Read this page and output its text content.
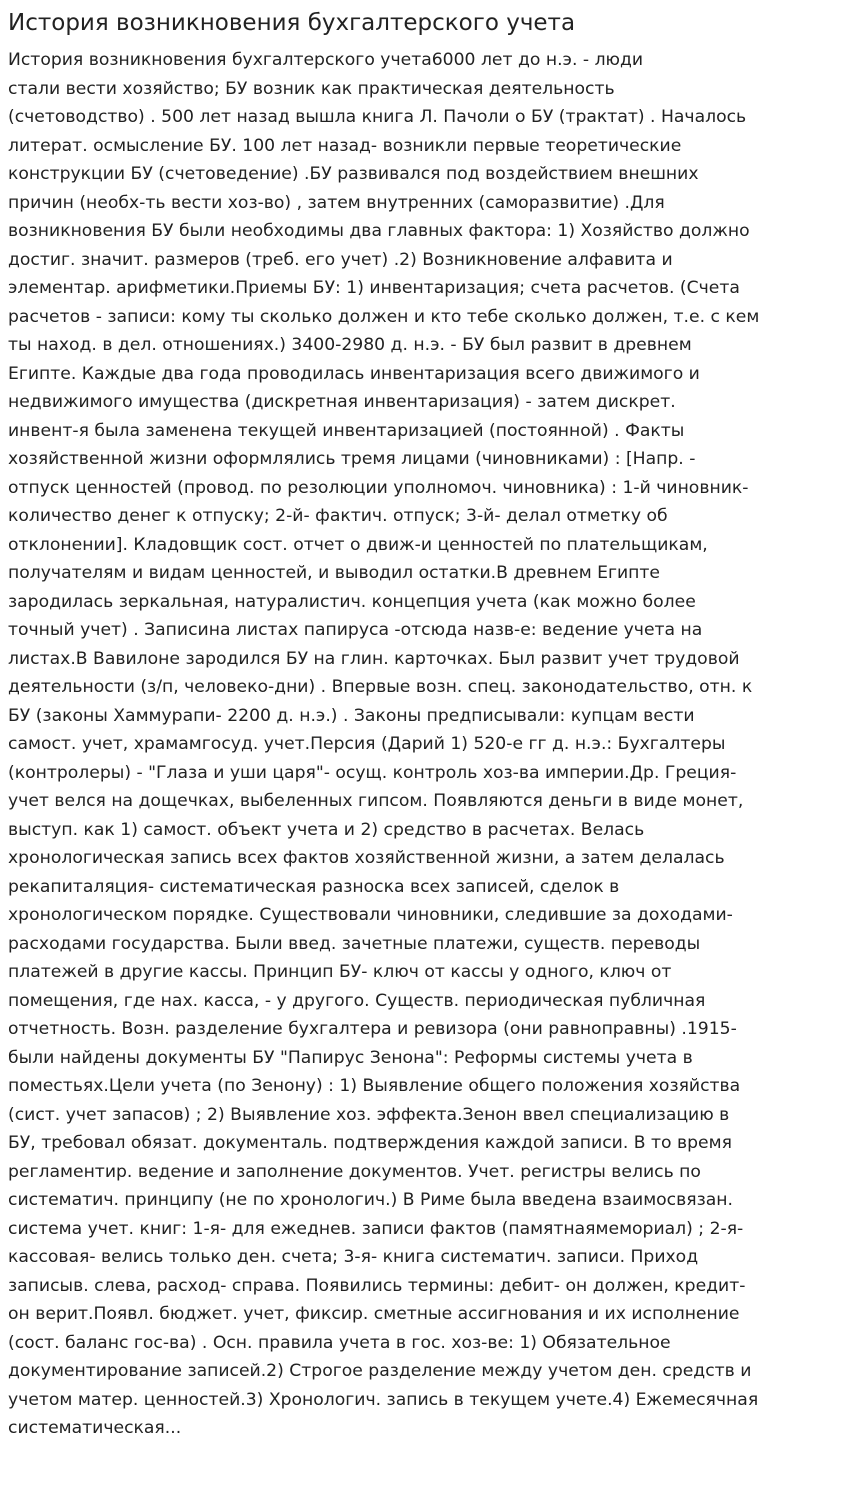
История возникновения бухгалтерского учета
История возникновения бухгалтерского учета6000 лет до н.э. - люди
стали вести хозяйство; БУ возник как практическая деятельность
(счетоводство) . 500 лет назад вышла книга Л. Пачоли о БУ (трактат) . Началось
литерат. осмысление БУ. 100 лет назад- возникли первые теоретические
конструкции БУ (счетоведение) .БУ развивался под воздействием внешних
причин (необх-ть вести хоз-во) , затем внутренних (саморазвитие) .Для
возникновения БУ были необходимы два главных фактора: 1) Хозяйство должно
достиг. значит. размеров (треб. его учет) .2) Возникновение алфавита и
элементар. арифметики.Приемы БУ: 1) инвентаризация; счета расчетов. (Счета
расчетов - записи: кому ты сколько должен и кто тебе сколько должен, т.е. с кем
ты наход. в дел. отношениях.) 3400-2980 д. н.э. - БУ был развит в древнем
Египте. Каждые два года проводилась инвентаризация всего движимого и
недвижимого имущества (дискретная инвентаризация) - затем дискрет.
инвент-я была заменена текущей инвентаризацией (постоянной) . Факты
хозяйственной жизни оформлялись тремя лицами (чиновниками) : [Напр. -
отпуск ценностей (провод. по резолюции уполномоч. чиновника) : 1-й чиновник-
количество денег к отпуску; 2-й- фактич. отпуск; 3-й- делал отметку об
отклонении]. Кладовщик сост. отчет о движ-и ценностей по плательщикам,
получателям и видам ценностей, и выводил остатки.В древнем Египте
зародилась зеркальная, натуралистич. концепция учета (как можно более
точный учет) . Записина листах папируса -отсюда назв-е: ведение учета на
листах.В Вавилоне зародился БУ на глин. карточках. Был развит учет трудовой
деятельности (з/п, человеко-дни) . Впервые возн. спец. законодательство, отн. к
БУ (законы Хаммурапи- 2200 д. н.э.) . Законы предписывали: купцам вести
самост. учет, храмамгосуд. учет.Персия (Дарий 1) 520-е гг д. н.э.: Бухгалтеры
(контролеры) - "Глаза и уши царя"- осущ. контроль хоз-ва империи.Др. Греция-
учет велся на дощечках, выбеленных гипсом. Появляются деньги в виде монет,
выступ. как 1) самост. объект учета и 2) средство в расчетах. Велась
хронологическая запись всех фактов хозяйственной жизни, а затем делалась
рекапиталяция- систематическая разноска всех записей, сделок в
хронологическом порядке. Существовали чиновники, следившие за доходами-
расходами государства. Были введ. зачетные платежи, существ. переводы
платежей в другие кассы. Принцип БУ- ключ от кассы у одного, ключ от
помещения, где нах. касса, - у другого. Существ. периодическая публичная
отчетность. Возн. разделение бухгалтера и ревизора (они равноправны) .1915-
были найдены документы БУ "Папирус Зенона": Реформы системы учета в
поместьях.Цели учета (по Зенону) : 1) Выявление общего положения хозяйства
(сист. учет запасов) ; 2) Выявление хоз. эффекта.Зенон ввел специализацию в
БУ, требовал обязат. документаль. подтверждения каждой записи. В то время
регламентир. ведение и заполнение документов. Учет. регистры велись по
систематич. принципу (не по хронологич.) В Риме была введена взаимосвязан.
система учет. книг: 1-я- для ежеднев. записи фактов (памятнаямемориал) ; 2-я-
кассовая- велись только ден. счета; 3-я- книга систематич. записи. Приход
записыв. слева, расход- справа. Появились термины: дебит- он должен, кредит-
он верит.Появл. бюджет. учет, фиксир. сметные ассигнования и их исполнение
(сост. баланс гос-ва) . Осн. правила учета в гос. хоз-ве: 1) Обязательное
документирование записей.2) Строгое разделение между учетом ден. средств и
учетом матер. ценностей.3) Хронологич. запись в текущем учете.4) Ежемесячная
систематическая...
